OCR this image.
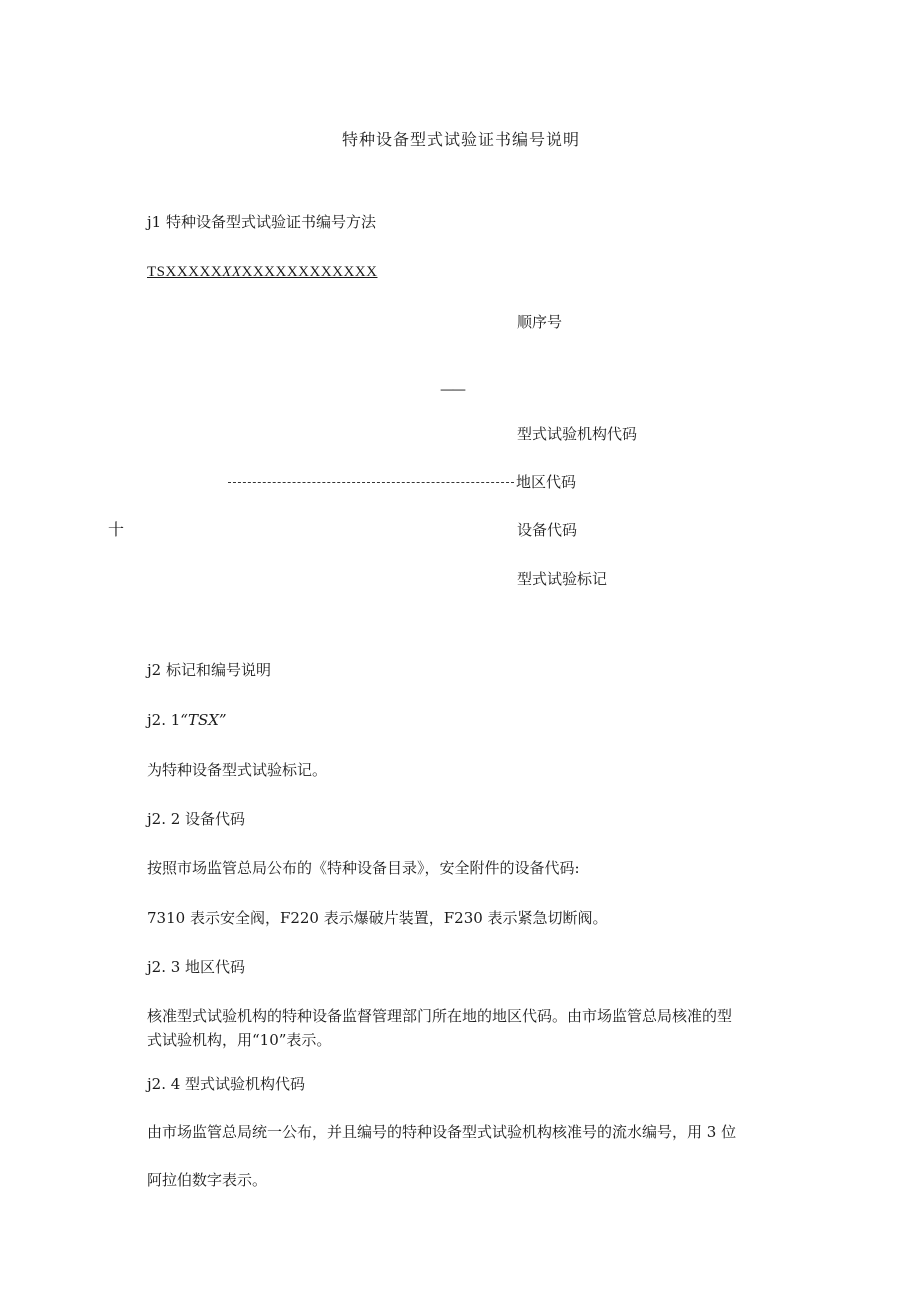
特种设备型式试验证书编号说明
j1 特种设备型式试验证书编号方法
TSXXXXXXXXXXXXXXXXXXX
顺序号
——
型式试验机构代码
地区代码
十	设备代码
型式试验标记
j2 标记和编号说明
j2. 1“TSX”
为特种设备型式试验标记。
j2. 2 设备代码
按照市场监管总局公布的《特种设备目录》，安全附件的设备代码:
7310 表示安全阀，F220 表示爆破片装置，F230 表示紧急切断阀。
j2. 3 地区代码
核准型式试验机构的特种设备监督管理部门所在地的地区代码。由市场监管总局核准的型
式试验机构，用“10”表示。
j2. 4 型式试验机构代码
由市场监管总局统一公布，并且编号的特种设备型式试验机构核准号的流水编号，用 3 位
阿拉伯数字表示。
